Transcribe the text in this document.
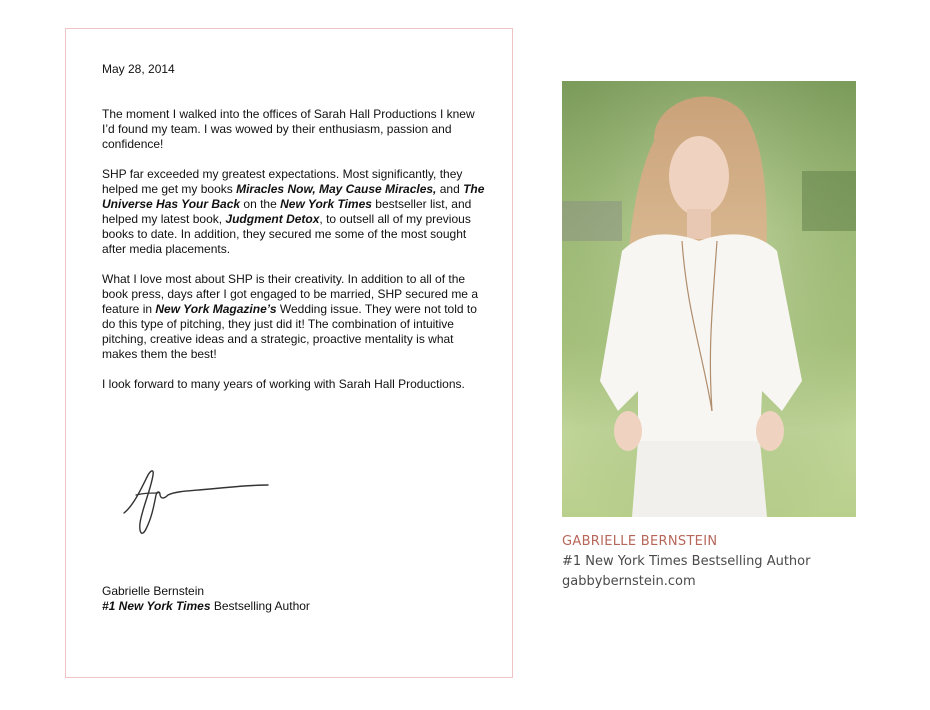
May 28, 2014

The moment I walked into the offices of Sarah Hall Productions I knew I’d found my team. I was wowed by their enthusiasm, passion and confidence!

SHP far exceeded my greatest expectations. Most significantly, they helped me get my books Miracles Now, May Cause Miracles, and The Universe Has Your Back on the New York Times bestseller list, and helped my latest book, Judgment Detox, to outsell all of my previous books to date. In addition, they secured me some of the most sought after media placements.

What I love most about SHP is their creativity. In addition to all of the book press, days after I got engaged to be married, SHP secured me a feature in New York Magazine’s Wedding issue. They were not told to do this type of pitching, they just did it! The combination of intuitive pitching, creative ideas and a strategic, proactive mentality is what makes them the best!

I look forward to many years of working with Sarah Hall Productions.

Gabrielle Bernstein
#1 New York Times Bestselling Author
GABRIELLE BERNSTEIN
#1 New York Times Bestselling Author
gabbybernstein.com
